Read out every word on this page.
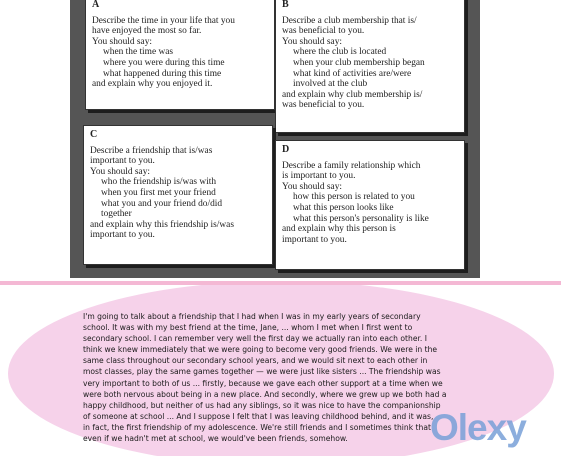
A
Describe the time in your life that you
have enjoyed the most so far.
You should say:
when the time was
where you were during this time
what happened during this time
and explain why you enjoyed it.
B
Describe a club membership that is/
was beneficial to you.
You should say:
where the club is located
when your club membership began
what kind of activities are/were
involved at the club
and explain why club membership is/
was beneficial to you.
C
Describe a friendship that is/was
important to you.
You should say:
who the friendship is/was with
when you first met your friend
what you and your friend do/did
together
and explain why this friendship is/was
important to you.
D
Describe a family relationship which
is important to you.
You should say:
how this person is related to you
what this person looks like
what this person's personality is like
and explain why this person is
important to you.
I'm going to talk about a friendship that I had when I was in my early years of secondary
school. It was with my best friend at the time, Jane, ... whom I met when I first went to
secondary school. I can remember very well the first day we actually ran into each other. I
think we knew immediately that we were going to become very good friends. We were in the
same class throughout our secondary school years, and we would sit next to each other in
most classes, play the same games together — we were just like sisters ... The friendship was
very important to both of us ... firstly, because we gave each other support at a time when we
were both nervous about being in a new place. And secondly, where we grew up we both had a
happy childhood, but neither of us had any siblings, so it was nice to have the companionship
of someone at school ... And I suppose I felt that I was leaving childhood behind, and it was,
in fact, the first friendship of my adolescence. We're still friends and I sometimes think that
even if we hadn't met at school, we would've been friends, somehow.	Olexy
